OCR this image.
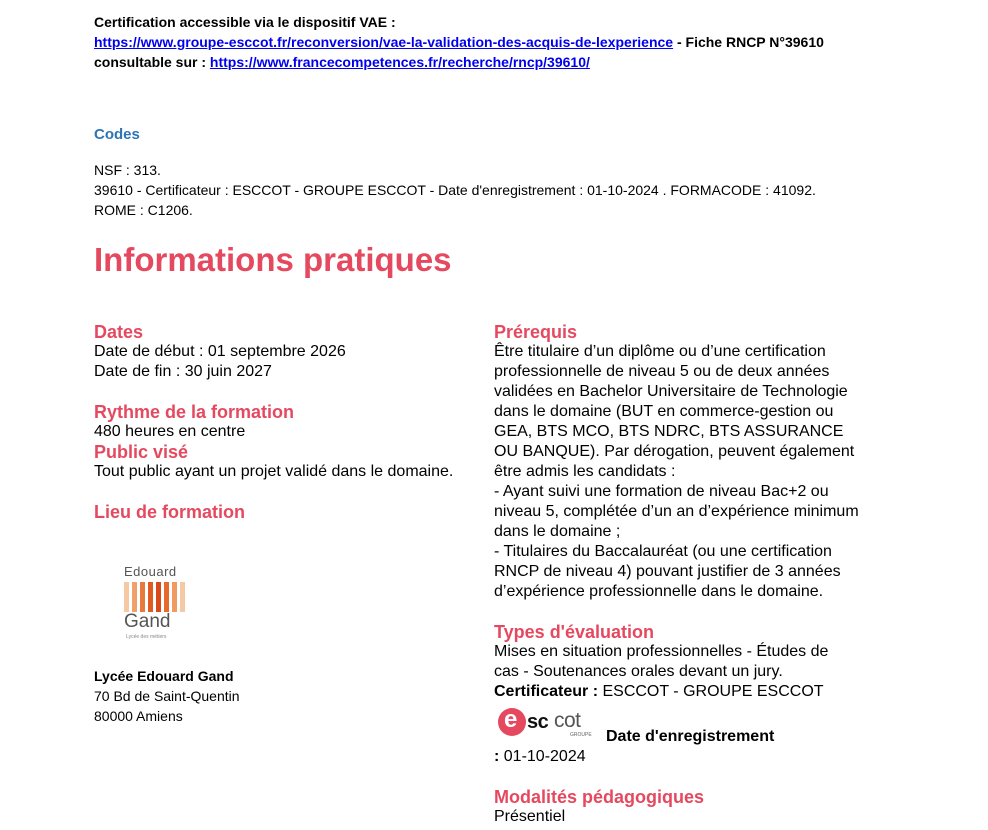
Certification accessible via le dispositif VAE :
https://www.groupe-esccot.fr/reconversion/vae-la-validation-des-acquis-de-lexperience - Fiche RNCP N°39610
consultable sur : https://www.francecompetences.fr/recherche/rncp/39610/
Codes
NSF : 313.
39610 - Certificateur : ESCCOT - GROUPE ESCCOT - Date d'enregistrement : 01-10-2024 . FORMACODE : 41092.
ROME : C1206.
Informations pratiques
Dates
Date de début : 01 septembre 2026
Date de fin : 30 juin 2027
Rythme de la formation
480 heures en centre
Public visé
Tout public ayant un projet validé dans le domaine.
Lieu de formation
Edouard
Gand
Lycée des métiers
Lycée Edouard Gand
70 Bd de Saint-Quentin
80000 Amiens
Prérequis
Être titulaire d’un diplôme ou d’une certification
professionnelle de niveau 5 ou de deux années
validées en Bachelor Universitaire de Technologie
dans le domaine (BUT en commerce-gestion ou
GEA, BTS MCO, BTS NDRC, BTS ASSURANCE
OU BANQUE). Par dérogation, peuvent également
être admis les candidats :
- Ayant suivi une formation de niveau Bac+2 ou
niveau 5, complétée d’un an d’expérience minimum
dans le domaine ;
- Titulaires du Baccalauréat (ou une certification
RNCP de niveau 4) pouvant justifier de 3 années
d’expérience professionnelle dans le domaine.
Types d'évaluation
Mises en situation professionnelles - Études de
cas - Soutenances orales devant un jury.
Certificateur : ESCCOT - GROUPE ESCCOT
e sc cot
GROUPE Date d'enregistrement
: 01-10-2024
Modalités pédagogiques
Présentiel
